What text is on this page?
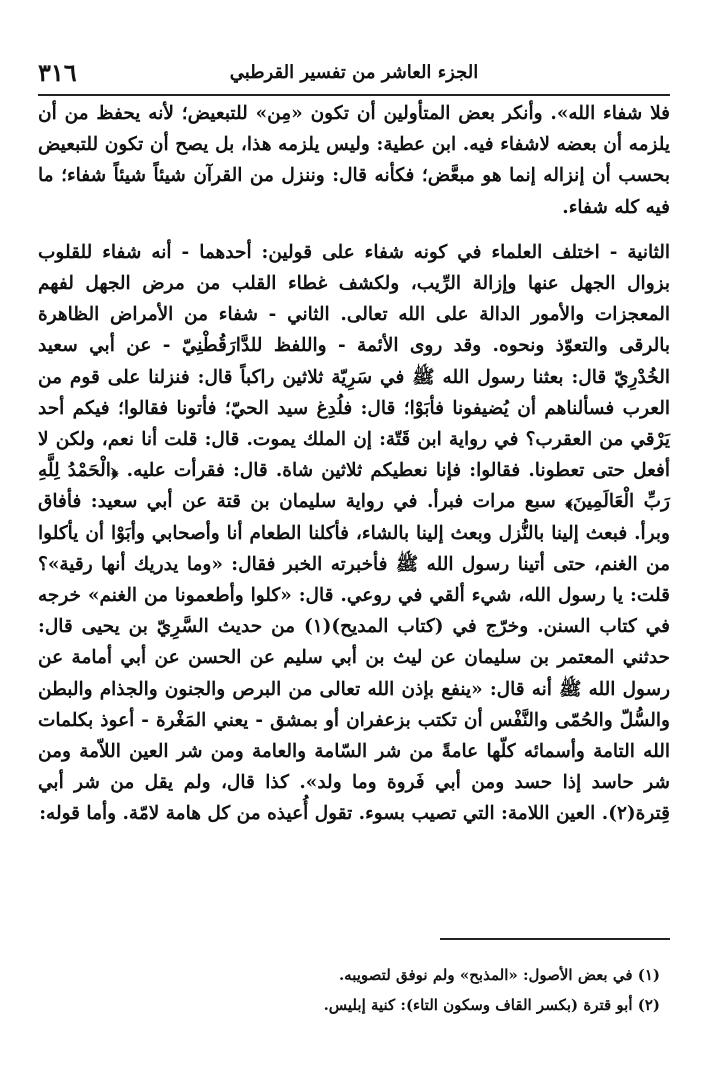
٣١٦	الجزء العاشر من تفسير القرطبي

فلا شفاء الله». وأنكر بعض المتأولين أن تكون «مِن» للتبعيض؛ لأنه يحفظ من أن يلزمه أن بعضه لاشفاء فيه. ابن عطية: وليس يلزمه هذا، بل يصح أن تكون للتبعيض بحسب أن إنزاله إنما هو مبعَّض؛ فكأنه قال: وننزل من القرآن شيئاً شيئاً شفاء؛ ما فيه كله شفاء.

الثانية - اختلف العلماء في كونه شفاء على قولين: أحدهما - أنه شفاء للقلوب بزوال الجهل عنها وإزالة الرِّيب، ولكشف غطاء القلب من مرض الجهل لفهم المعجزات والأمور الدالة على الله تعالى. الثاني - شفاء من الأمراض الظاهرة بالرقى والتعوّذ ونحوه. وقد روى الأئمة - واللفظ للدَّارَقُطْنِيّ - عن أبي سعيد الخُدْرِيّ قال: بعثنا رسول الله ﷺ في سَرِيّة ثلاثين راكباً قال: فنزلنا على قوم من العرب فسألناهم أن يُضيفونا فأبَوْا؛ قال: فلُدِغ سيد الحيّ؛ فأتونا فقالوا؛ فيكم أحد يَرْقي من العقرب؟ في رواية ابن قَتّة: إن الملك يموت. قال: قلت أنا نعم، ولكن لا أفعل حتى تعطونا. فقالوا: فإنا نعطيكم ثلاثين شاة. قال: فقرأت عليه. ﴿الْحَمْدُ لِلَّهِ رَبِّ الْعَالَمِينَ﴾ سبع مرات فبرأ. في رواية سليمان بن قتة عن أبي سعيد: فأفاق وبرأ. فبعث إلينا بالنُّزل وبعث إلينا بالشاء، فأكلنا الطعام أنا وأصحابي وأبَوْا أن يأكلوا من الغنم، حتى أتينا رسول الله ﷺ فأخبرته الخبر فقال: «وما يدريك أنها رقية»؟ قلت: يا رسول الله، شيء ألقي في روعي. قال: «كلوا وأطعمونا من الغنم» خرجه في كتاب السنن. وخرّج في (كتاب المديح)(١) من حديث السَّرِيّ بن يحيى قال: حدثني المعتمر بن سليمان عن ليث بن أبي سليم عن الحسن عن أبي أمامة عن رسول الله ﷺ أنه قال: «ينفع بإذن الله تعالى من البرص والجنون والجذام والبطن والسُّلّ والحُمّى والنَّفْس أن تكتب بزعفران أو بمشق - يعني المَغْرة - أعوذ بكلمات الله التامة وأسمائه كلّها عامةً من شر السّامة والعامة ومن شر العين اللاّمة ومن شر حاسد إذا حسد ومن أبي فَروة وما ولد». كذا قال، ولم يقل من شر أبي قِترة(٢). العين اللامة: التي تصيب بسوء. تقول أُعيذه من كل هامة لامّة. وأما قوله:

(١) في بعض الأصول: «المذبح» ولم نوفق لتصويبه.

(٢) أبو قترة (بكسر القاف وسكون التاء): كنية إبليس.
